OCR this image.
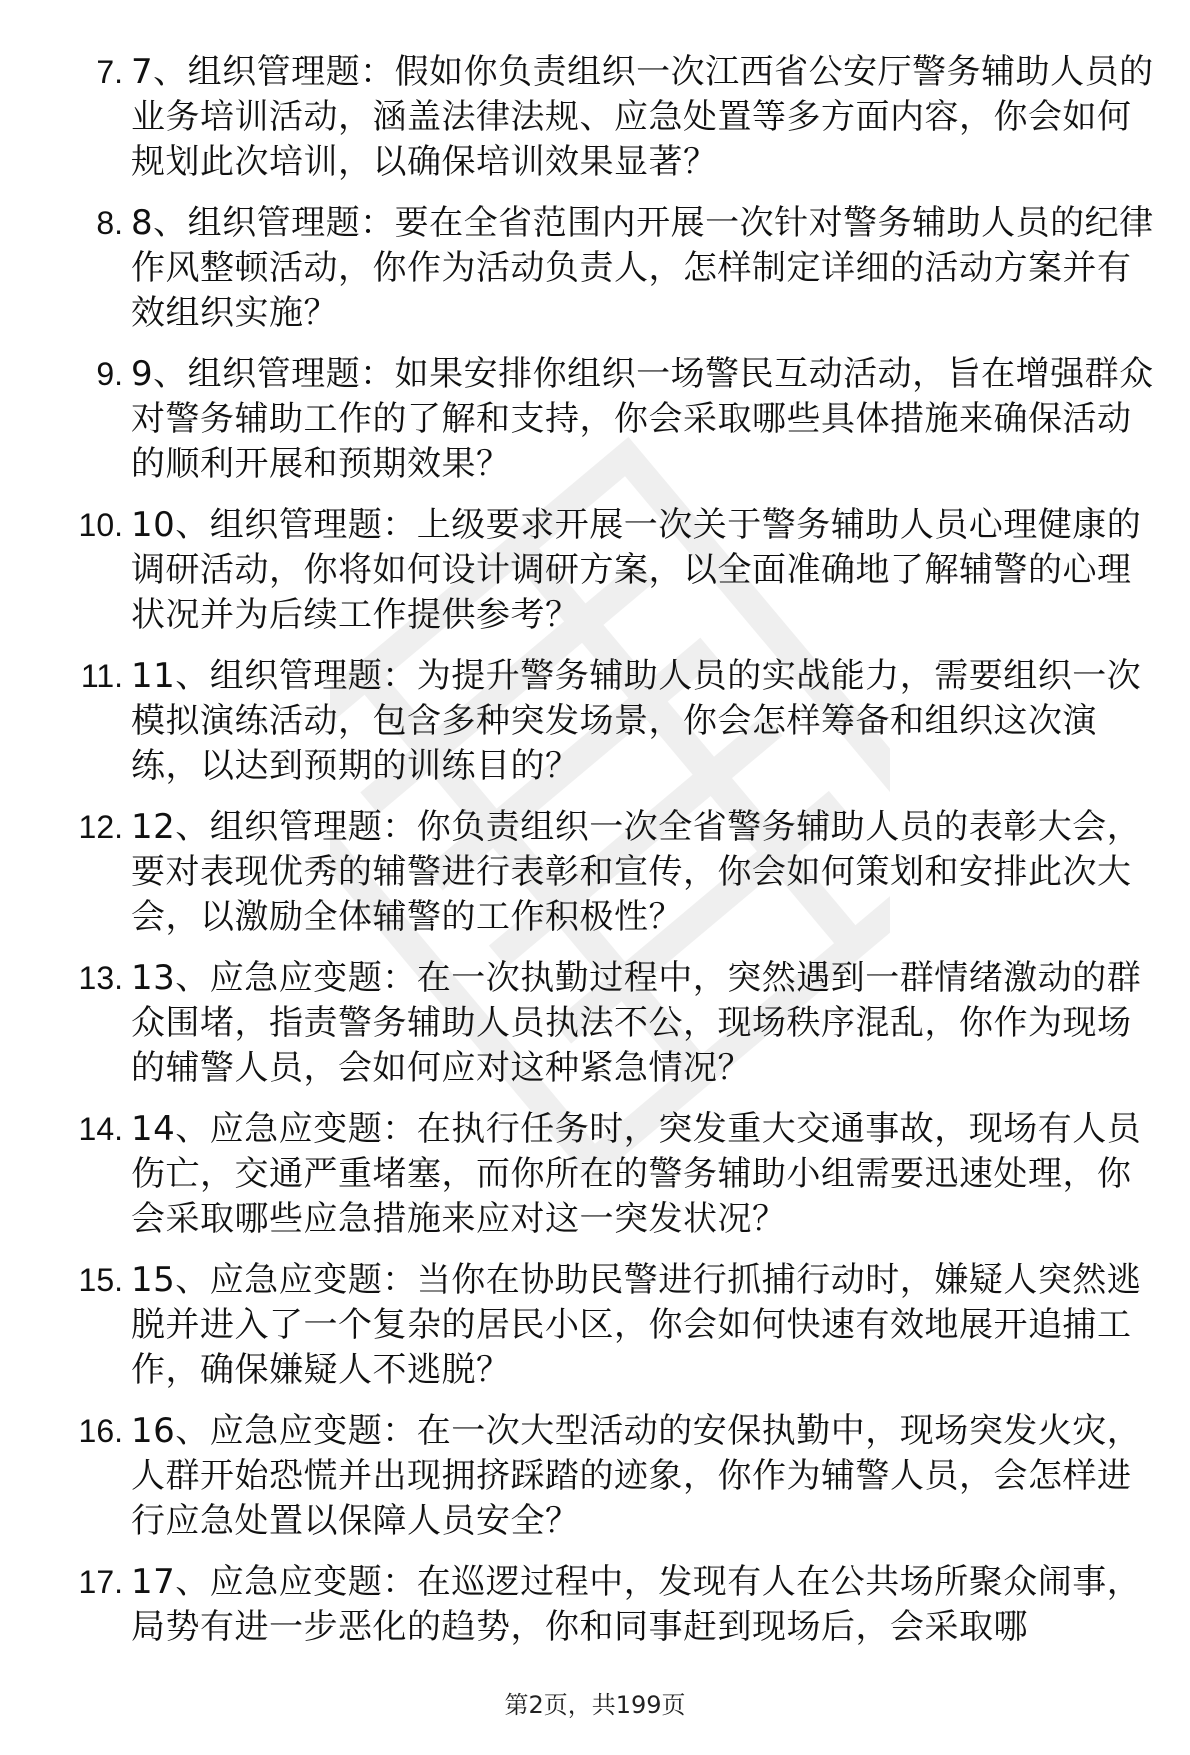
7. 7、组织管理题：假如你负责组织一次江西省公安厅警务辅助人员的业务培训活动，涵盖法律法规、应急处置等多方面内容，你会如何规划此次培训，以确保培训效果显著？
8. 8、组织管理题：要在全省范围内开展一次针对警务辅助人员的纪律作风整顿活动，你作为活动负责人，怎样制定详细的活动方案并有效组织实施？
9. 9、组织管理题：如果安排你组织一场警民互动活动，旨在增强群众对警务辅助工作的了解和支持，你会采取哪些具体措施来确保活动的顺利开展和预期效果？
10. 10、组织管理题：上级要求开展一次关于警务辅助人员心理健康的调研活动，你将如何设计调研方案，以全面准确地了解辅警的心理状况并为后续工作提供参考？
11. 11、组织管理题：为提升警务辅助人员的实战能力，需要组织一次模拟演练活动，包含多种突发场景，你会怎样筹备和组织这次演练，以达到预期的训练目的？
12. 12、组织管理题：你负责组织一次全省警务辅助人员的表彰大会，要对表现优秀的辅警进行表彰和宣传，你会如何策划和安排此次大会，以激励全体辅警的工作积极性？
13. 13、应急应变题：在一次执勤过程中，突然遇到一群情绪激动的群众围堵，指责警务辅助人员执法不公，现场秩序混乱，你作为现场的辅警人员，会如何应对这种紧急情况？
14. 14、应急应变题：在执行任务时，突发重大交通事故，现场有人员伤亡，交通严重堵塞，而你所在的警务辅助小组需要迅速处理，你会采取哪些应急措施来应对这一突发状况？
15. 15、应急应变题：当你在协助民警进行抓捕行动时，嫌疑人突然逃脱并进入了一个复杂的居民小区，你会如何快速有效地展开追捕工作，确保嫌疑人不逃脱？
16. 16、应急应变题：在一次大型活动的安保执勤中，现场突发火灾，人群开始恐慌并出现拥挤踩踏的迹象，你作为辅警人员，会怎样进行应急处置以保障人员安全？
17. 17、应急应变题：在巡逻过程中，发现有人在公共场所聚众闹事，局势有进一步恶化的趋势，你和同事赶到现场后，会采取哪
第2页，共199页
